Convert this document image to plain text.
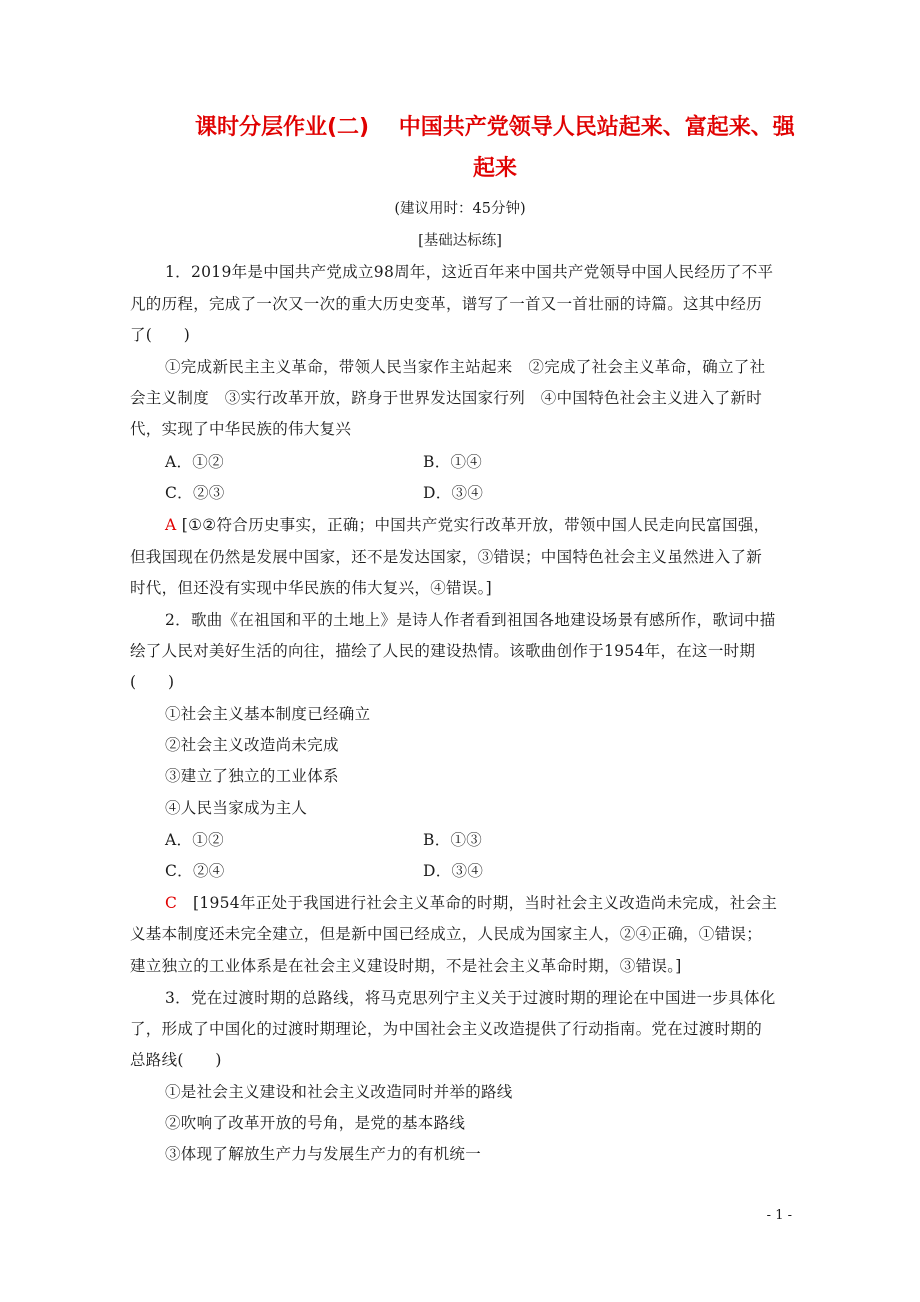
课时分层作业(二)　 中国共产党领导人民站起来、富起来、强
起来
(建议用时：45分钟)
[基础达标练]
1．2019年是中国共产党成立98周年，这近百年来中国共产党领导中国人民经历了不平
凡的历程，完成了一次又一次的重大历史变革，谱写了一首又一首壮丽的诗篇。这其中经历
了(　　)
①完成新民主主义革命，带领人民当家作主站起来　②完成了社会主义革命，确立了社
会主义制度　③实行改革开放，跻身于世界发达国家行列　④中国特色社会主义进入了新时
代，实现了中华民族的伟大复兴
A．①②	B．①④
C．②③	D．③④
A [①②符合历史事实，正确；中国共产党实行改革开放，带领中国人民走向民富国强，
但我国现在仍然是发展中国家，还不是发达国家，③错误；中国特色社会主义虽然进入了新
时代，但还没有实现中华民族的伟大复兴，④错误。]
2．歌曲《在祖国和平的土地上》是诗人作者看到祖国各地建设场景有感所作，歌词中描
绘了人民对美好生活的向往，描绘了人民的建设热情。该歌曲创作于1954年，在这一时期
(　　)
①社会主义基本制度已经确立
②社会主义改造尚未完成
③建立了独立的工业体系
④人民当家成为主人
A．①②	B．①③
C．②④	D．③④
C　[1954年正处于我国进行社会主义革命的时期，当时社会主义改造尚未完成，社会主
义基本制度还未完全建立，但是新中国已经成立，人民成为国家主人，②④正确，①错误；
建立独立的工业体系是在社会主义建设时期，不是社会主义革命时期，③错误。]
3．党在过渡时期的总路线，将马克思列宁主义关于过渡时期的理论在中国进一步具体化
了，形成了中国化的过渡时期理论，为中国社会主义改造提供了行动指南。党在过渡时期的
总路线(　　)
①是社会主义建设和社会主义改造同时并举的路线
②吹响了改革开放的号角，是党的基本路线
③体现了解放生产力与发展生产力的有机统一
- 1 -
